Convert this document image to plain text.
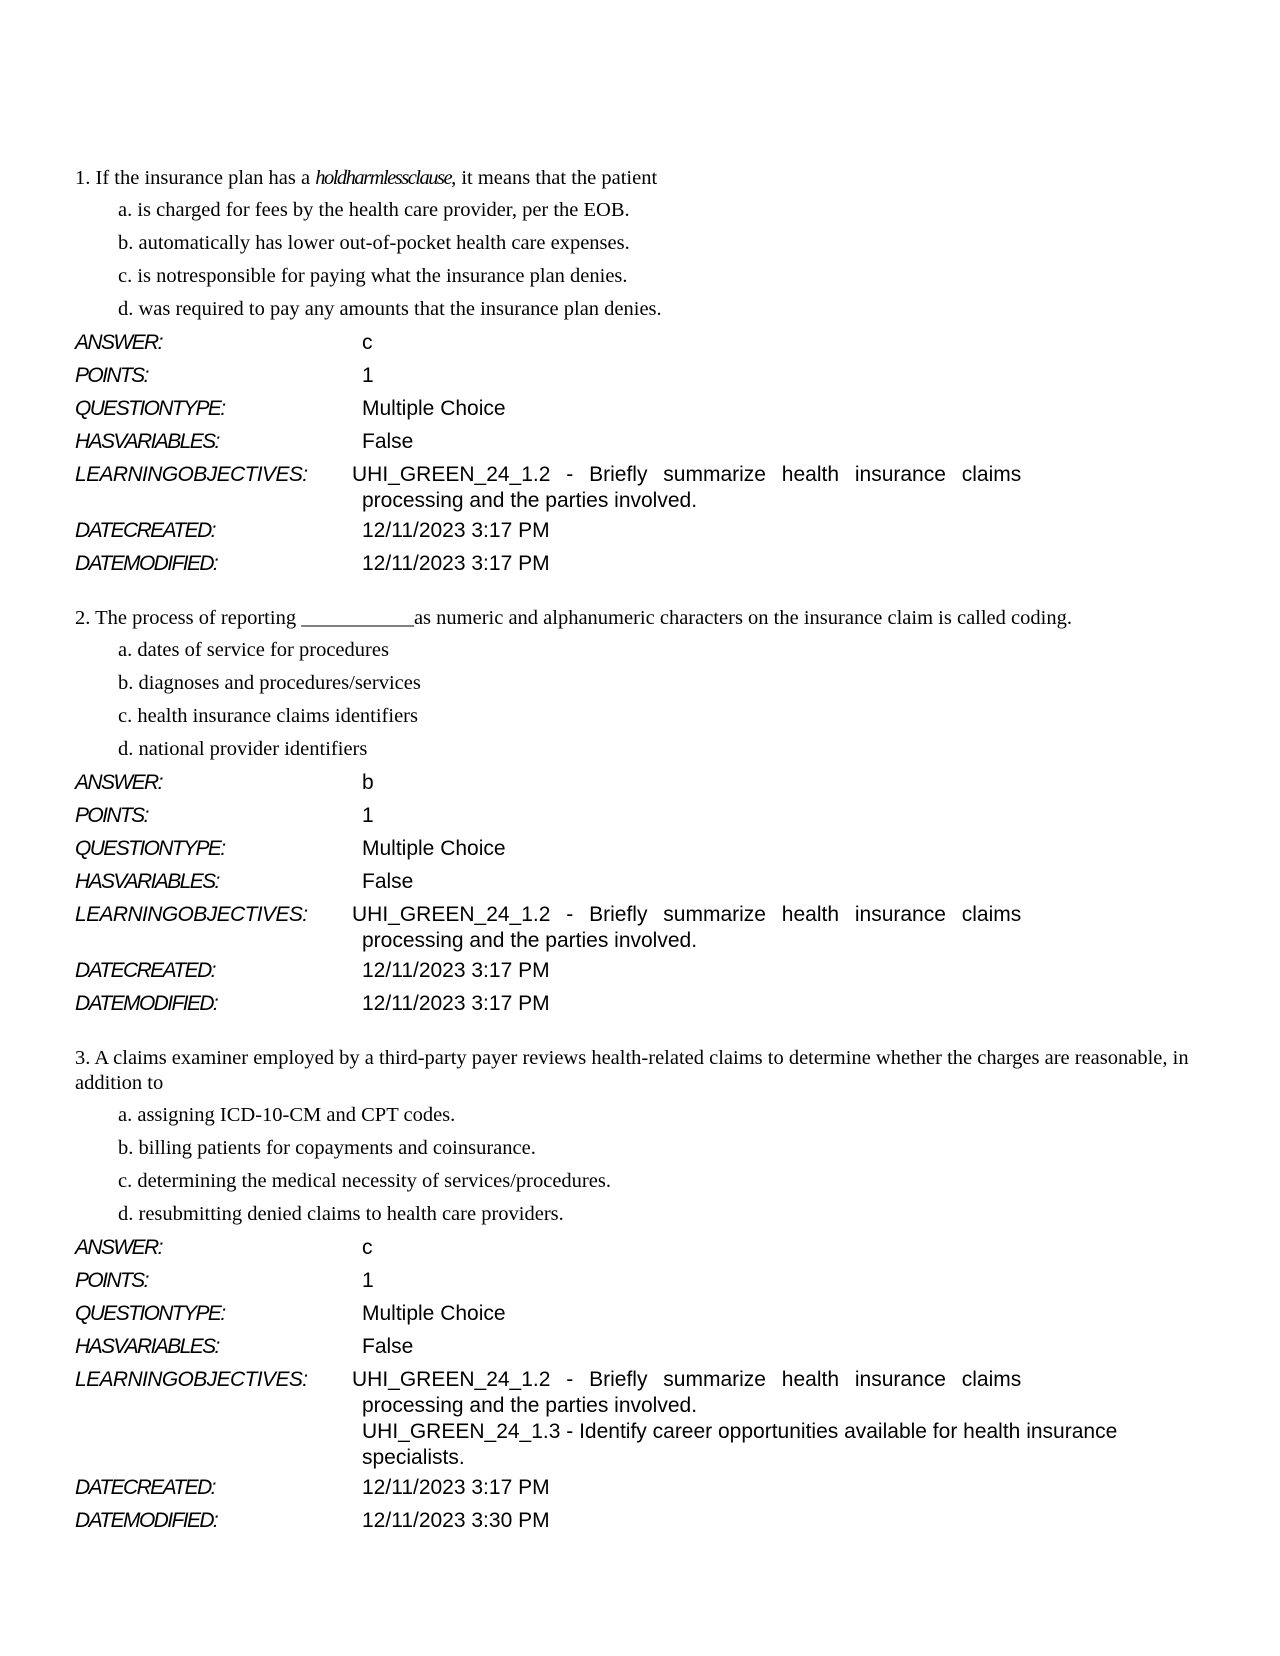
1. If the insurance plan has a holdharmlessclause, it means that the patient
a. is charged for fees by the health care provider, per the EOB.
b. automatically has lower out-of-pocket health care expenses.
c. is notresponsible for paying what the insurance plan denies.
d. was required to pay any amounts that the insurance plan denies.
ANSWER:	c
POINTS:	1
QUESTIONTYPE:	Multiple Choice
HASVARIABLES:	False
LEARNINGOBJECTIVES:	UHI_GREEN_24_1.2 - Briefly summarize health insurance claims
processing and the parties involved.
DATECREATED:	12/11/2023 3:17 PM
DATEMODIFIED:	12/11/2023 3:17 PM
2. The process of reporting ___________as numeric and alphanumeric characters on the insurance claim is called coding.
a. dates of service for procedures
b. diagnoses and procedures/services
c. health insurance claims identifiers
d. national provider identifiers
ANSWER:	b
POINTS:	1
QUESTIONTYPE:	Multiple Choice
HASVARIABLES:	False
LEARNINGOBJECTIVES:	UHI_GREEN_24_1.2 - Briefly summarize health insurance claims
processing and the parties involved.
DATECREATED:	12/11/2023 3:17 PM
DATEMODIFIED:	12/11/2023 3:17 PM
3. A claims examiner employed by a third-party payer reviews health-related claims to determine whether the charges are reasonable, in addition to
a. assigning ICD-10-CM and CPT codes.
b. billing patients for copayments and coinsurance.
c. determining the medical necessity of services/procedures.
d. resubmitting denied claims to health care providers.
ANSWER:	c
POINTS:	1
QUESTIONTYPE:	Multiple Choice
HASVARIABLES:	False
LEARNINGOBJECTIVES:	UHI_GREEN_24_1.2 - Briefly summarize health insurance claims
processing and the parties involved.
UHI_GREEN_24_1.3 - Identify career opportunities available for health insurance
specialists.
DATECREATED:	12/11/2023 3:17 PM
DATEMODIFIED:	12/11/2023 3:30 PM
